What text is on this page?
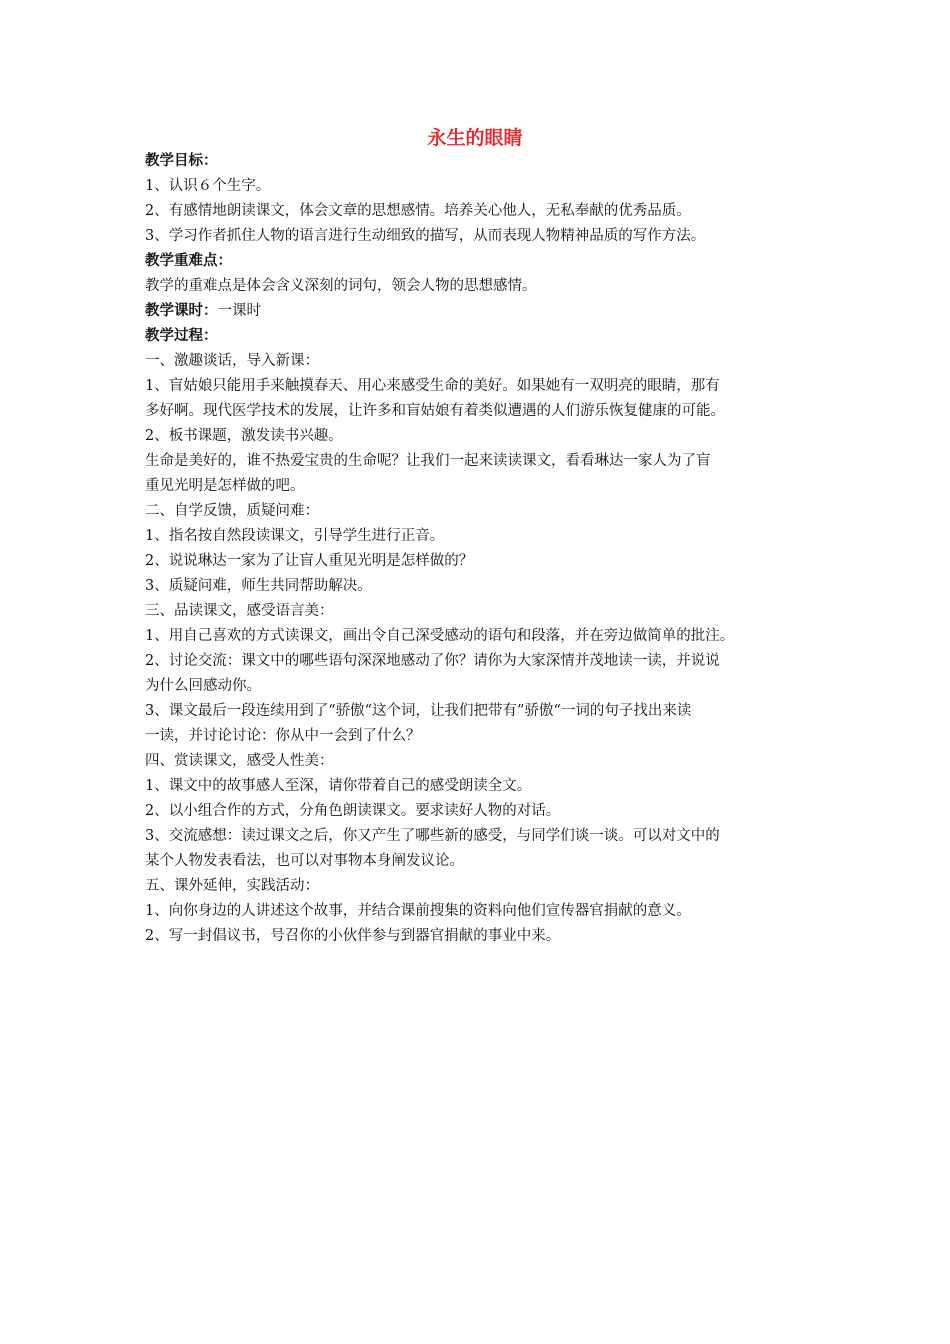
永生的眼睛
教学目标：
1、认识６个生字。
2、有感情地朗读课文，体会文章的思想感情。培养关心他人，无私奉献的优秀品质。
3、学习作者抓住人物的语言进行生动细致的描写，从而表现人物精神品质的写作方法。
教学重难点：
教学的重难点是体会含义深刻的词句，领会人物的思想感情。
教学课时：一课时
教学过程：
一、激趣谈话，导入新课：
1、盲姑娘只能用手来触摸春天、用心来感受生命的美好。如果她有一双明亮的眼睛，那有
多好啊。现代医学技术的发展，让许多和盲姑娘有着类似遭遇的人们游乐恢复健康的可能。
2、板书课题，激发读书兴趣。
生命是美好的，谁不热爱宝贵的生命呢？让我们一起来读读课文，看看琳达一家人为了盲
重见光明是怎样做的吧。
二、自学反馈，质疑问难：
1、指名按自然段读课文，引导学生进行正音。
2、说说琳达一家为了让盲人重见光明是怎样做的？
3、质疑问难，师生共同帮助解决。
三、品读课文，感受语言美：
1、用自己喜欢的方式读课文，画出令自己深受感动的语句和段落，并在旁边做简单的批注。
2、讨论交流：课文中的哪些语句深深地感动了你？请你为大家深情并茂地读一读，并说说
为什么回感动你。
3、课文最后一段连续用到了“骄傲“这个词，让我们把带有”骄傲“一词的句子找出来读
一读，并讨论讨论：你从中一会到了什么？
四、赏读课文，感受人性美：
1、课文中的故事感人至深，请你带着自己的感受朗读全文。
2、以小组合作的方式，分角色朗读课文。要求读好人物的对话。
3、交流感想：读过课文之后，你又产生了哪些新的感受，与同学们谈一谈。可以对文中的
某个人物发表看法，也可以对事物本身阐发议论。
五、课外延伸，实践活动：
1、向你身边的人讲述这个故事，并结合课前搜集的资料向他们宣传器官捐献的意义。
2、写一封倡议书，号召你的小伙伴参与到器官捐献的事业中来。
